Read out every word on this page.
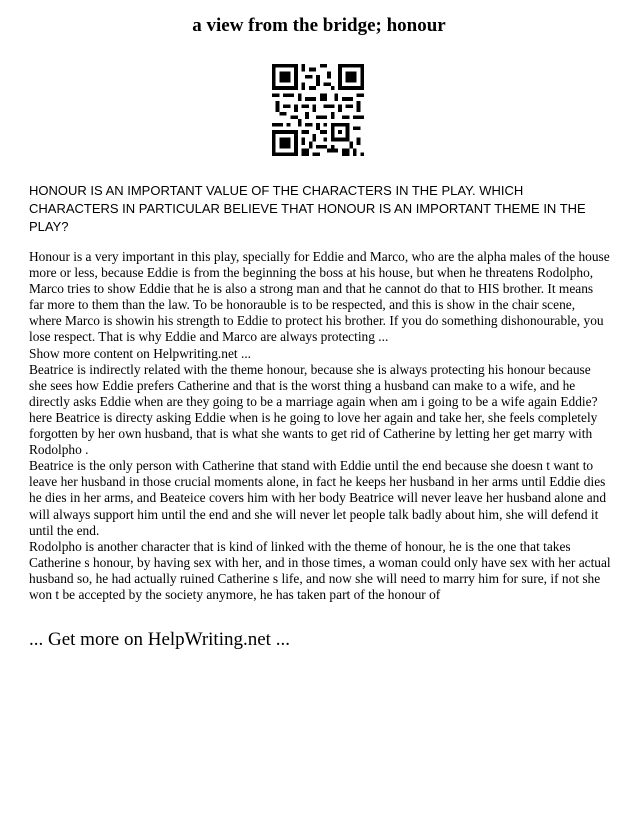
a view from the bridge; honour

HONOUR IS AN IMPORTANT VALUE OF THE CHARACTERS IN THE PLAY. WHICH CHARACTERS IN PARTICULAR BELIEVE THAT HONOUR IS AN IMPORTANT THEME IN THE PLAY?

Honour is a very important in this play, specially for Eddie and Marco, who are the alpha males of the house more or less, because Eddie is from the beginning the boss at his house, but when he threatens Rodolpho, Marco tries to show Eddie that he is also a strong man and that he cannot do that to HIS brother. It means far more to them than the law. To be honorauble is to be respected, and this is show in the chair scene, where Marco is showin his strength to Eddie to protect his brother. If you do something dishonourable, you lose respect. That is why Eddie and Marco are always protecting ...

Show more content on Helpwriting.net ...

Beatrice is indirectly related with the theme honour, because she is always protecting his honour because she sees how Eddie prefers Catherine and that is the worst thing a husband can make to a wife, and he directly asks Eddie when are they going to be a marriage again when am i going to be a wife again Eddie? here Beatrice is directy asking Eddie when is he going to love her again and take her, she feels completely forgotten by her own husband, that is what she wants to get rid of Catherine by letting her get marry with Rodolpho .

Beatrice is the only person with Catherine that stand with Eddie until the end because she doesn t want to leave her husband in those crucial moments alone, in fact he keeps her husband in her arms until Eddie dies he dies in her arms, and Beateice covers him with her body Beatrice will never leave her husband alone and will always support him until the end and she will never let people talk badly about him, she will defend it until the end.

Rodolpho is another character that is kind of linked with the theme of honour, he is the one that takes Catherine s honour, by having sex with her, and in those times, a woman could only have sex with her actual husband so, he had actually ruined Catherine s life, and now she will need to marry him for sure, if not she won t be accepted by the society anymore, he has taken part of the honour of

... Get more on HelpWriting.net ...
